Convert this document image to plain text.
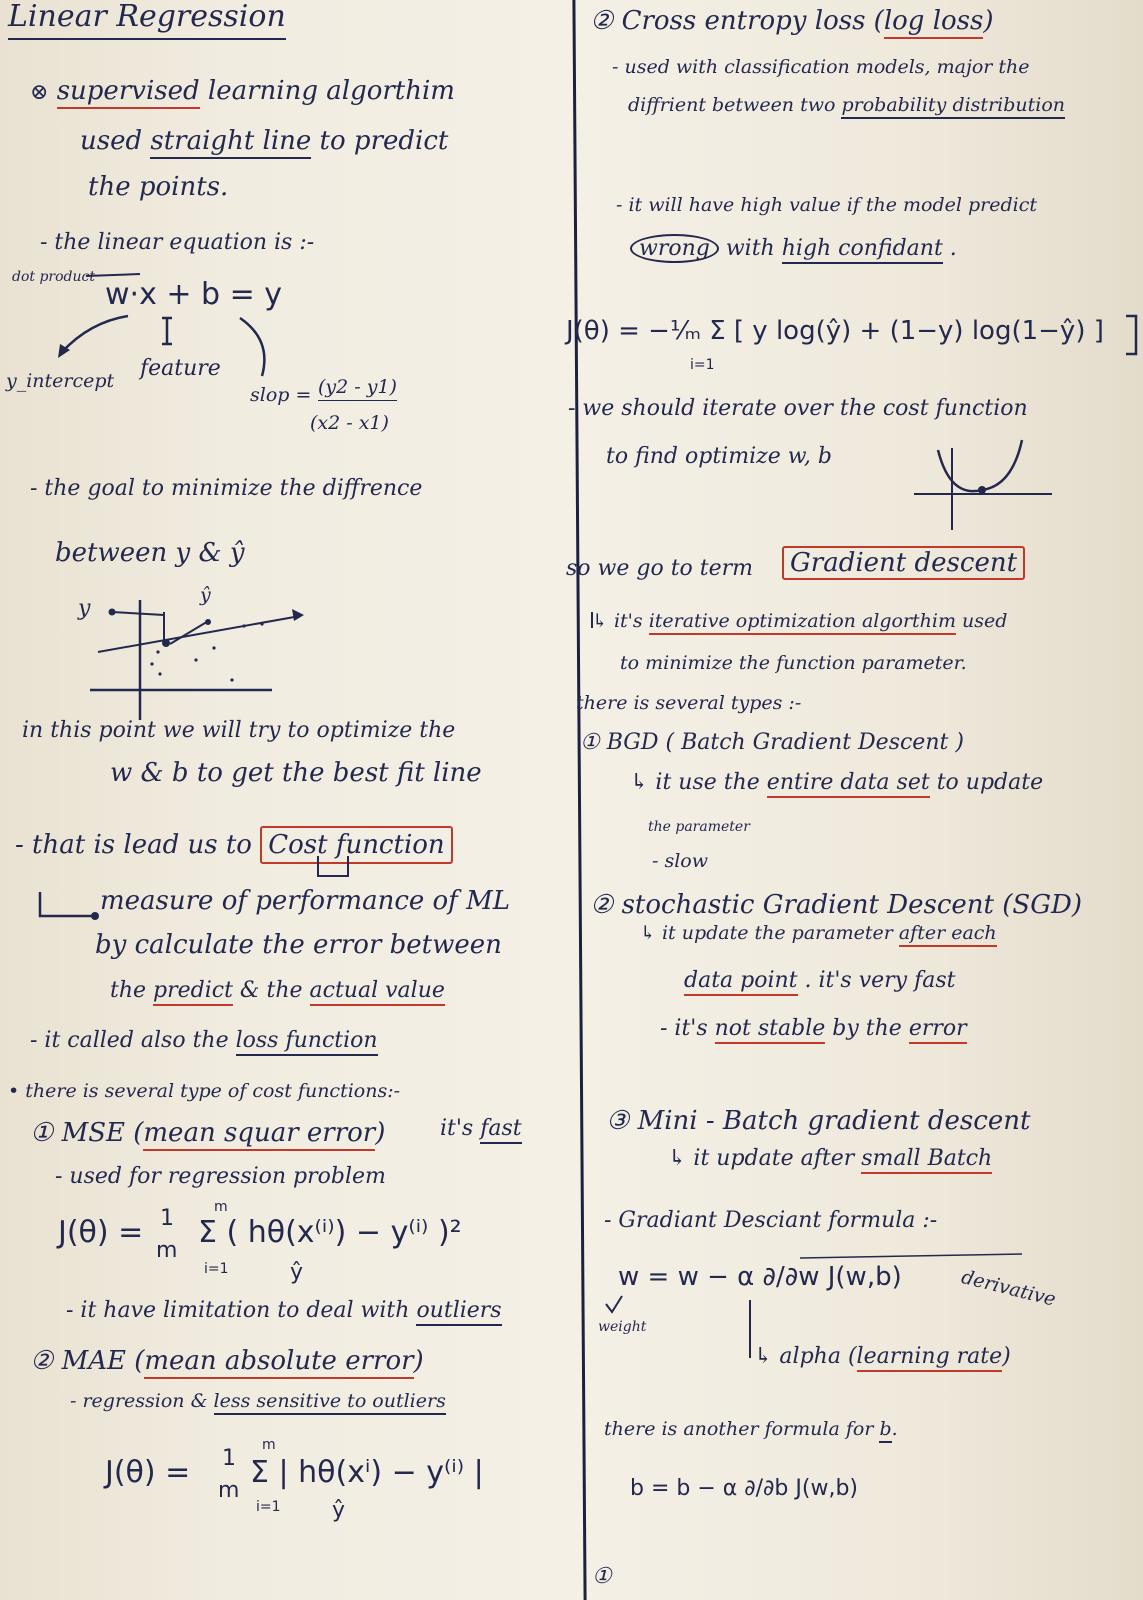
Linear Regression
⊗ supervised learning algorthim
used straight line to predict
the points.
- the linear equation is :-
dot product w·x + b = y
y_intercept feature
slop = (y2 - y1)
(x2 - x1)
- the goal to minimize the diffrence
between y & ŷ
y
ŷ
in this point we will try to optimize the
w & b to get the best fit line
- that is lead us to Cost function
measure of performance of ML
by calculate the error between
the predict & the actual value
- it called also the loss function
• there is several type of cost functions:-
① MSE (mean squar error) it's fast
- used for regression problem
J(θ) = 1
m
m
Σ ( hθ(x⁽ⁱ⁾) − y⁽ⁱ⁾ )²
i=1	ŷ
- it have limitation to deal with outliers
② MAE (mean absolute error)
- regression & less sensitive to outliers
J(θ) = 1
m
m
Σ | hθ(xⁱ) − y⁽ⁱ⁾ |
i=1 ŷ
② Cross entropy loss (log loss)
- used with classification models, major the
diffrient between two probability distribution
- it will have high value if the model predict
wrong with high confidant .
J(θ) = −¹⁄ₘ Σ [ y log(ŷ) + (1−y) log(1−ŷ) ]
i=1
- we should iterate over the cost function
to find optimize w, b
so we go to term	Gradient descent
↳ it's iterative optimization algorthim used
to minimize the function parameter.
there is several types :-
① BGD ( Batch Gradient Descent )
↳ it use the entire data set to update
the parameter
- slow
② stochastic Gradient Descent (SGD)
↳ it update the parameter after each
data point . it's very fast
- it's not stable by the error
③ Mini - Batch gradient descent
↳ it update after small Batch
- Gradiant Desciant formula :-
w = w − α ∂/∂w J(w,b)	derivative
weight
↳ alpha (learning rate)
there is another formula for b.
b = b − α ∂/∂b J(w,b)
①
